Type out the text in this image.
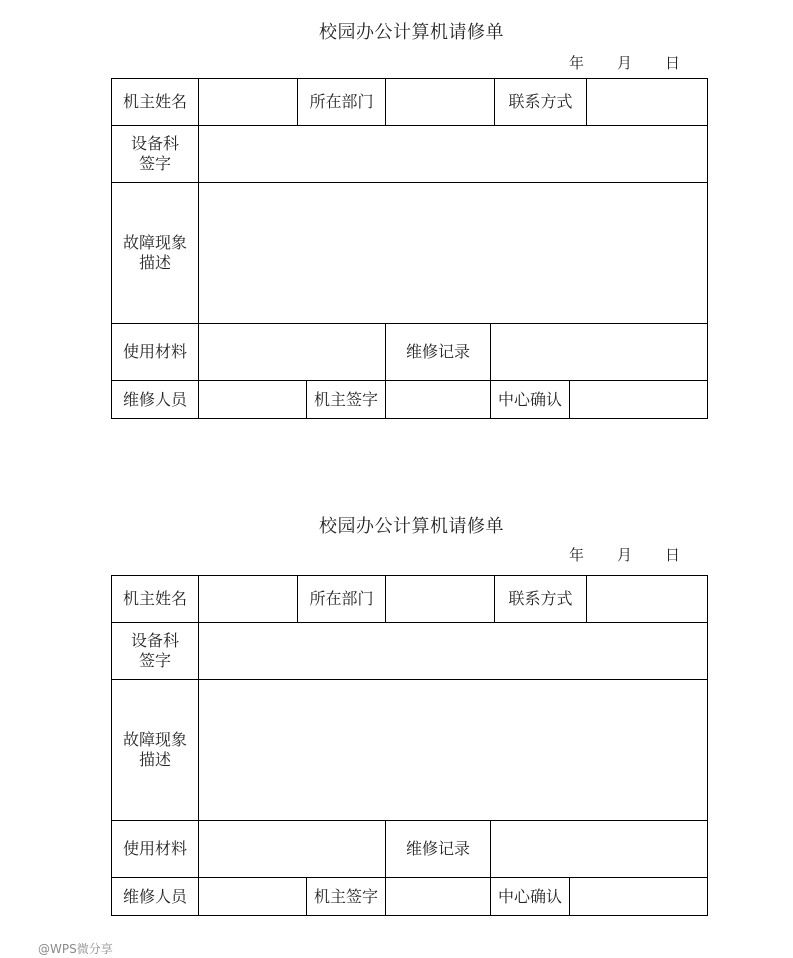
校园办公计算机请修单
年 月 日
机主姓名	所在部门	联系方式
设备科
签字
故障现象
描述
使用材料	维修记录
维修人员	机主签字	中心确认
校园办公计算机请修单
年 月 日
机主姓名	所在部门	联系方式
设备科
签字
故障现象
描述
使用材料	维修记录
维修人员	机主签字	中心确认
@WPS微分享
